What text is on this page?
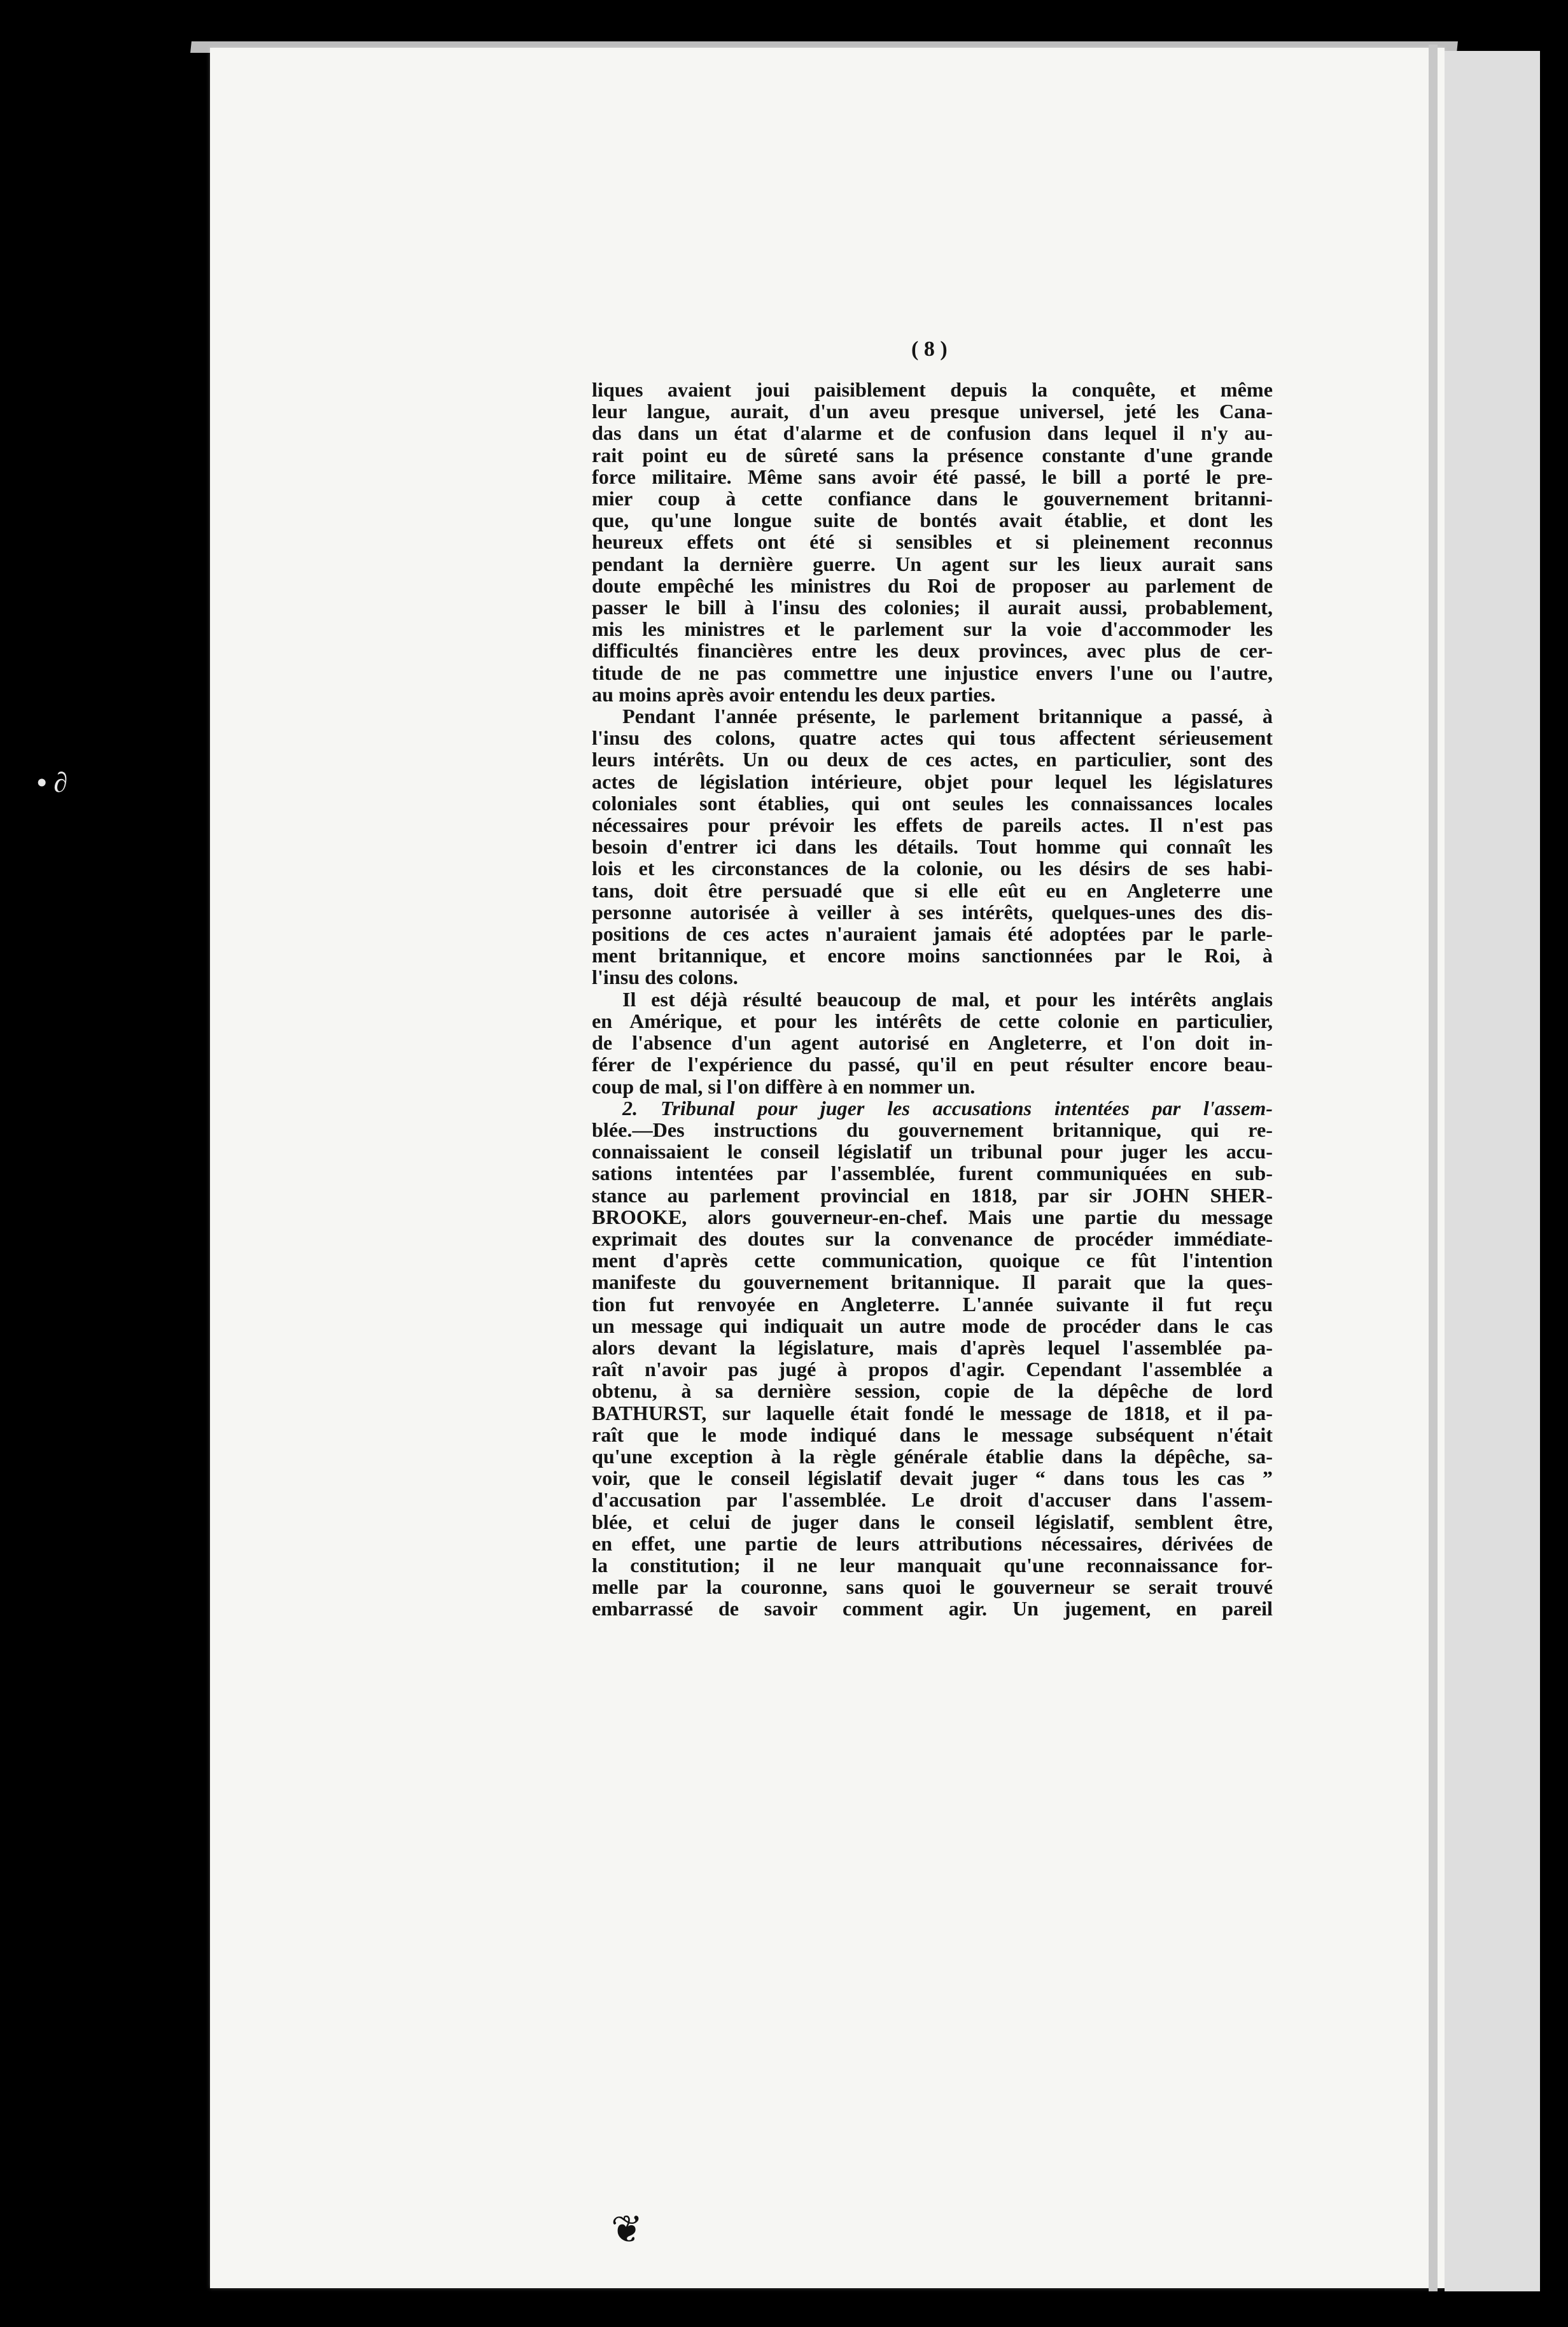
• ∂
( 8 )
liques avaient joui paisiblement depuis la conquête, et même
leur langue, aurait, d'un aveu presque universel, jeté les Cana-
das dans un état d'alarme et de confusion dans lequel il n'y au-
rait point eu de sûreté sans la présence constante d'une grande
force militaire. Même sans avoir été passé, le bill a porté le pre-
mier coup à cette confiance dans le gouvernement britanni-
que, qu'une longue suite de bontés avait établie, et dont les
heureux effets ont été si sensibles et si pleinement reconnus
pendant la dernière guerre. Un agent sur les lieux aurait sans
doute empêché les ministres du Roi de proposer au parlement de
passer le bill à l'insu des colonies; il aurait aussi, probablement,
mis les ministres et le parlement sur la voie d'accommoder les
difficultés financières entre les deux provinces, avec plus de cer-
titude de ne pas commettre une injustice envers l'une ou l'autre,
au moins après avoir entendu les deux parties.
Pendant l'année présente, le parlement britannique a passé, à
l'insu des colons, quatre actes qui tous affectent sérieusement
leurs intérêts. Un ou deux de ces actes, en particulier, sont des
actes de législation intérieure, objet pour lequel les législatures
coloniales sont établies, qui ont seules les connaissances locales
nécessaires pour prévoir les effets de pareils actes. Il n'est pas
besoin d'entrer ici dans les détails. Tout homme qui connaît les
lois et les circonstances de la colonie, ou les désirs de ses habi-
tans, doit être persuadé que si elle eût eu en Angleterre une
personne autorisée à veiller à ses intérêts, quelques-unes des dis-
positions de ces actes n'auraient jamais été adoptées par le parle-
ment britannique, et encore moins sanctionnées par le Roi, à
l'insu des colons.
Il est déjà résulté beaucoup de mal, et pour les intérêts anglais
en Amérique, et pour les intérêts de cette colonie en particulier,
de l'absence d'un agent autorisé en Angleterre, et l'on doit in-
férer de l'expérience du passé, qu'il en peut résulter encore beau-
coup de mal, si l'on diffère à en nommer un.
2. Tribunal pour juger les accusations intentées par l'assem-
blée.—Des instructions du gouvernement britannique, qui re-
connaissaient le conseil législatif un tribunal pour juger les accu-
sations intentées par l'assemblée, furent communiquées en sub-
stance au parlement provincial en 1818, par sir JOHN SHER-
BROOKE, alors gouverneur-en-chef. Mais une partie du message
exprimait des doutes sur la convenance de procéder immédiate-
ment d'après cette communication, quoique ce fût l'intention
manifeste du gouvernement britannique. Il parait que la ques-
tion fut renvoyée en Angleterre. L'année suivante il fut reçu
un message qui indiquait un autre mode de procéder dans le cas
alors devant la législature, mais d'après lequel l'assemblée pa-
raît n'avoir pas jugé à propos d'agir. Cependant l'assemblée a
obtenu, à sa dernière session, copie de la dépêche de lord
BATHURST, sur laquelle était fondé le message de 1818, et il pa-
raît que le mode indiqué dans le message subséquent n'était
qu'une exception à la règle générale établie dans la dépêche, sa-
voir, que le conseil législatif devait juger “ dans tous les cas ”
d'accusation par l'assemblée. Le droit d'accuser dans l'assem-
blée, et celui de juger dans le conseil législatif, semblent être,
en effet, une partie de leurs attributions nécessaires, dérivées de
la constitution; il ne leur manquait qu'une reconnaissance for-
melle par la couronne, sans quoi le gouverneur se serait trouvé
embarrassé de savoir comment agir. Un jugement, en pareil
❦
